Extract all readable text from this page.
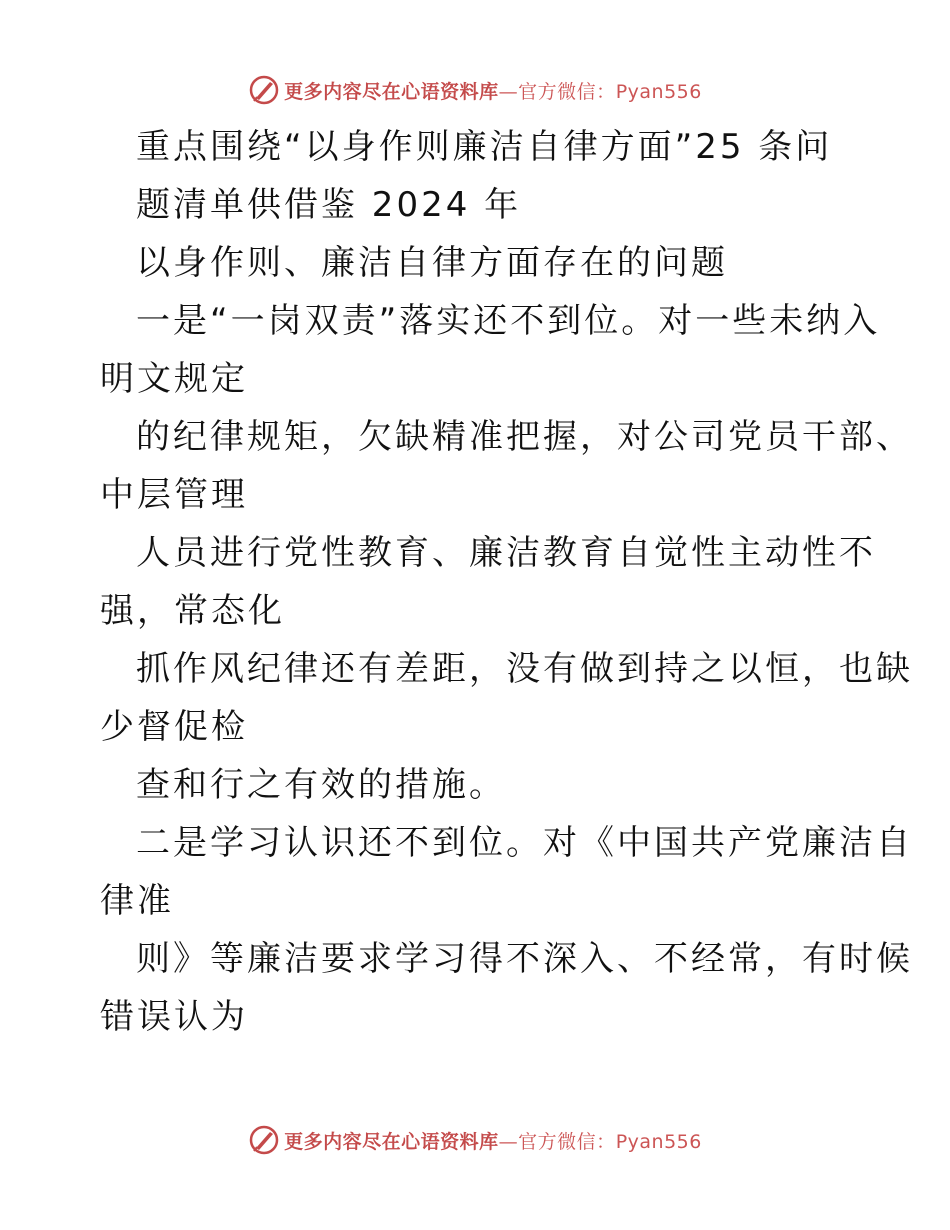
更多内容尽在心语资料库—官方微信：Pyan556
重点围绕“以身作则廉洁自律方面”25 条问
题清单供借鉴 2024 年
以身作则、廉洁自律方面存在的问题
一是“一岗双责”落实还不到位。对一些未纳入
明文规定
的纪律规矩，欠缺精准把握，对公司党员干部、
中层管理
人员进行党性教育、廉洁教育自觉性主动性不
强，常态化
抓作风纪律还有差距，没有做到持之以恒，也缺
少督促检
查和行之有效的措施。
二是学习认识还不到位。对《中国共产党廉洁自
律准
则》等廉洁要求学习得不深入、不经常，有时候
错误认为
更多内容尽在心语资料库—官方微信：Pyan556
